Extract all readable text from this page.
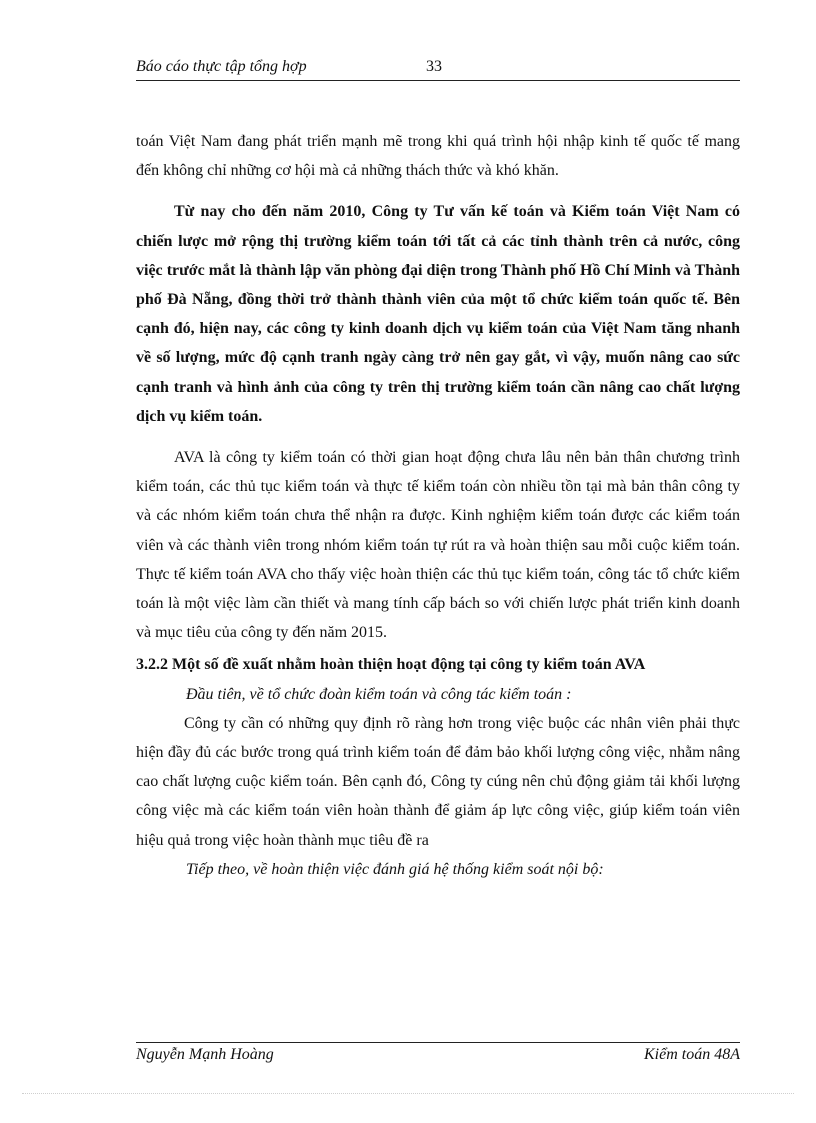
Báo cáo thực tập tổng hợp	33

toán Việt Nam đang phát triển mạnh mẽ trong khi quá trình hội nhập kinh tế quốc tế mang đến không chỉ những cơ hội mà cả những thách thức và khó khăn.

Từ nay cho đến năm 2010, Công ty Tư vấn kế toán và Kiểm toán Việt Nam có chiến lược mở rộng thị trường kiểm toán tới tất cả các tỉnh thành trên cả nước, công việc trước mắt là thành lập văn phòng đại diện trong Thành phố Hồ Chí Minh và Thành phố Đà Nẵng, đồng thời trở thành thành viên của một tổ chức kiểm toán quốc tế. Bên cạnh đó, hiện nay, các công ty kinh doanh dịch vụ kiểm toán của Việt Nam tăng nhanh về số lượng, mức độ cạnh tranh ngày càng trở nên gay gắt, vì vậy, muốn nâng cao sức cạnh tranh và hình ảnh của công ty trên thị trường kiểm toán cần nâng cao chất lượng dịch vụ kiểm toán.

AVA là công ty kiểm toán có thời gian hoạt động chưa lâu nên bản thân chương trình kiểm toán, các thủ tục kiểm toán và thực tế kiểm toán còn nhiều tồn tại mà bản thân công ty và các nhóm kiểm toán chưa thể nhận ra được. Kinh nghiệm kiểm toán được các kiểm toán viên và các thành viên trong nhóm kiểm toán tự rút ra và hoàn thiện sau mỗi cuộc kiểm toán. Thực tế kiểm toán AVA cho thấy việc hoàn thiện các thủ tục kiểm toán, công tác tổ chức kiểm toán là một việc làm cần thiết và mang tính cấp bách so với chiến lược phát triển kinh doanh và mục tiêu của công ty đến năm 2015.

3.2.2 Một số đề xuất nhằm hoàn thiện hoạt động tại công ty kiểm toán AVA

Đầu tiên, về tổ chức đoàn kiểm toán và công tác kiểm toán :

Công ty cần có những quy định rõ ràng hơn trong việc buộc các nhân viên phải thực hiện đầy đủ các bước trong quá trình kiểm toán để đảm bảo khối lượng công việc, nhằm nâng cao chất lượng cuộc kiểm toán. Bên cạnh đó, Công ty cúng nên chủ động giảm tải khối lượng công việc mà các kiểm toán viên hoàn thành để giảm áp lực công việc, giúp kiểm toán viên hiệu quả trong việc hoàn thành mục tiêu đề ra

Tiếp theo, về hoàn thiện việc đánh giá hệ thống kiểm soát nội bộ:

Nguyễn Mạnh Hoàng	Kiểm toán 48A
